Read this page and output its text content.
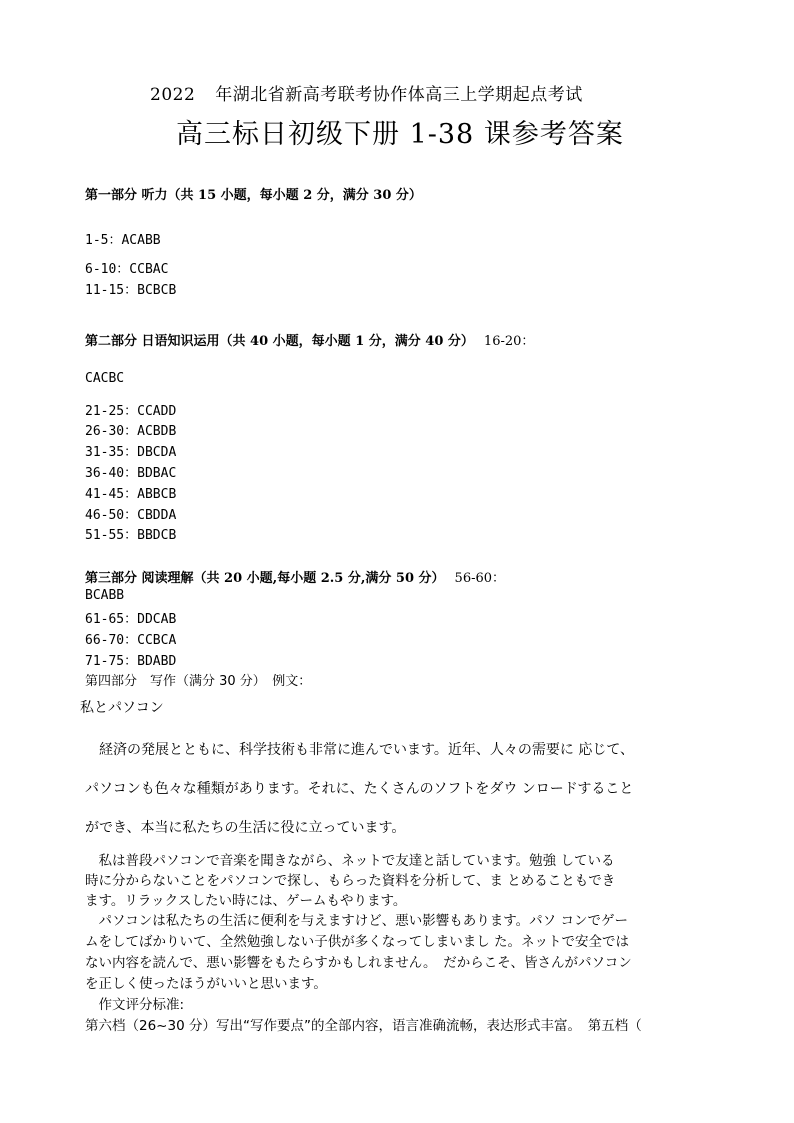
2022 年湖北省新高考联考协作体高三上学期起点考试
高三标日初级下册 1-38 课参考答案
第一部分 听力（共 15 小题，每小题 2 分，满分 30 分）
1-5：ACABB
6-10：CCBAC
11-15：BCBCB
第二部分 日语知识运用（共 40 小题，每小题 1 分，满分 40 分） 16-20：
CACBC
21-25：CCADD
26-30：ACBDB
31-35：DBCDA
36-40：BDBAC
41-45：ABBCB
46-50：CBDDA
51-55：BBDCB
第三部分 阅读理解（共 20 小题,每小题 2.5 分,满分 50 分） 56-60：
BCABB
61-65：DDCAB
66-70：CCBCA
71-75：BDABD
第四部分　写作（满分 30 分）　例文：
私とパソコン
　経済の発展とともに、科学技術も非常に進んでいます。近年、人々の需要に 応じて、
パソコンも色々な種類があります。それに、たくさんのソフトをダウ ンロードすること
ができ、本当に私たちの生活に役に立っています。
　私は普段パソコンで音楽を聞きながら、ネットで友達と話しています。勉強 している
時に分からないことをパソコンで探し、もらった資料を分析して、ま とめることもでき
ます。リラックスしたい時には、ゲームもやります。
　パソコンは私たちの生活に便利を与えますけど、悪い影響もあります。パソ コンでゲー
ムをしてばかりいて、全然勉強しない子供が多くなってしまいまし た。ネットで安全では
ない内容を読んで、悪い影響をもたらすかもしれません。　だからこそ、皆さんがパソコン
を正しく使ったほうがいいと思います。
　作文评分标准:
第六档（26~30 分）写出“写作要点”的全部内容，语言准确流畅，表达形式丰富。　第五档（
